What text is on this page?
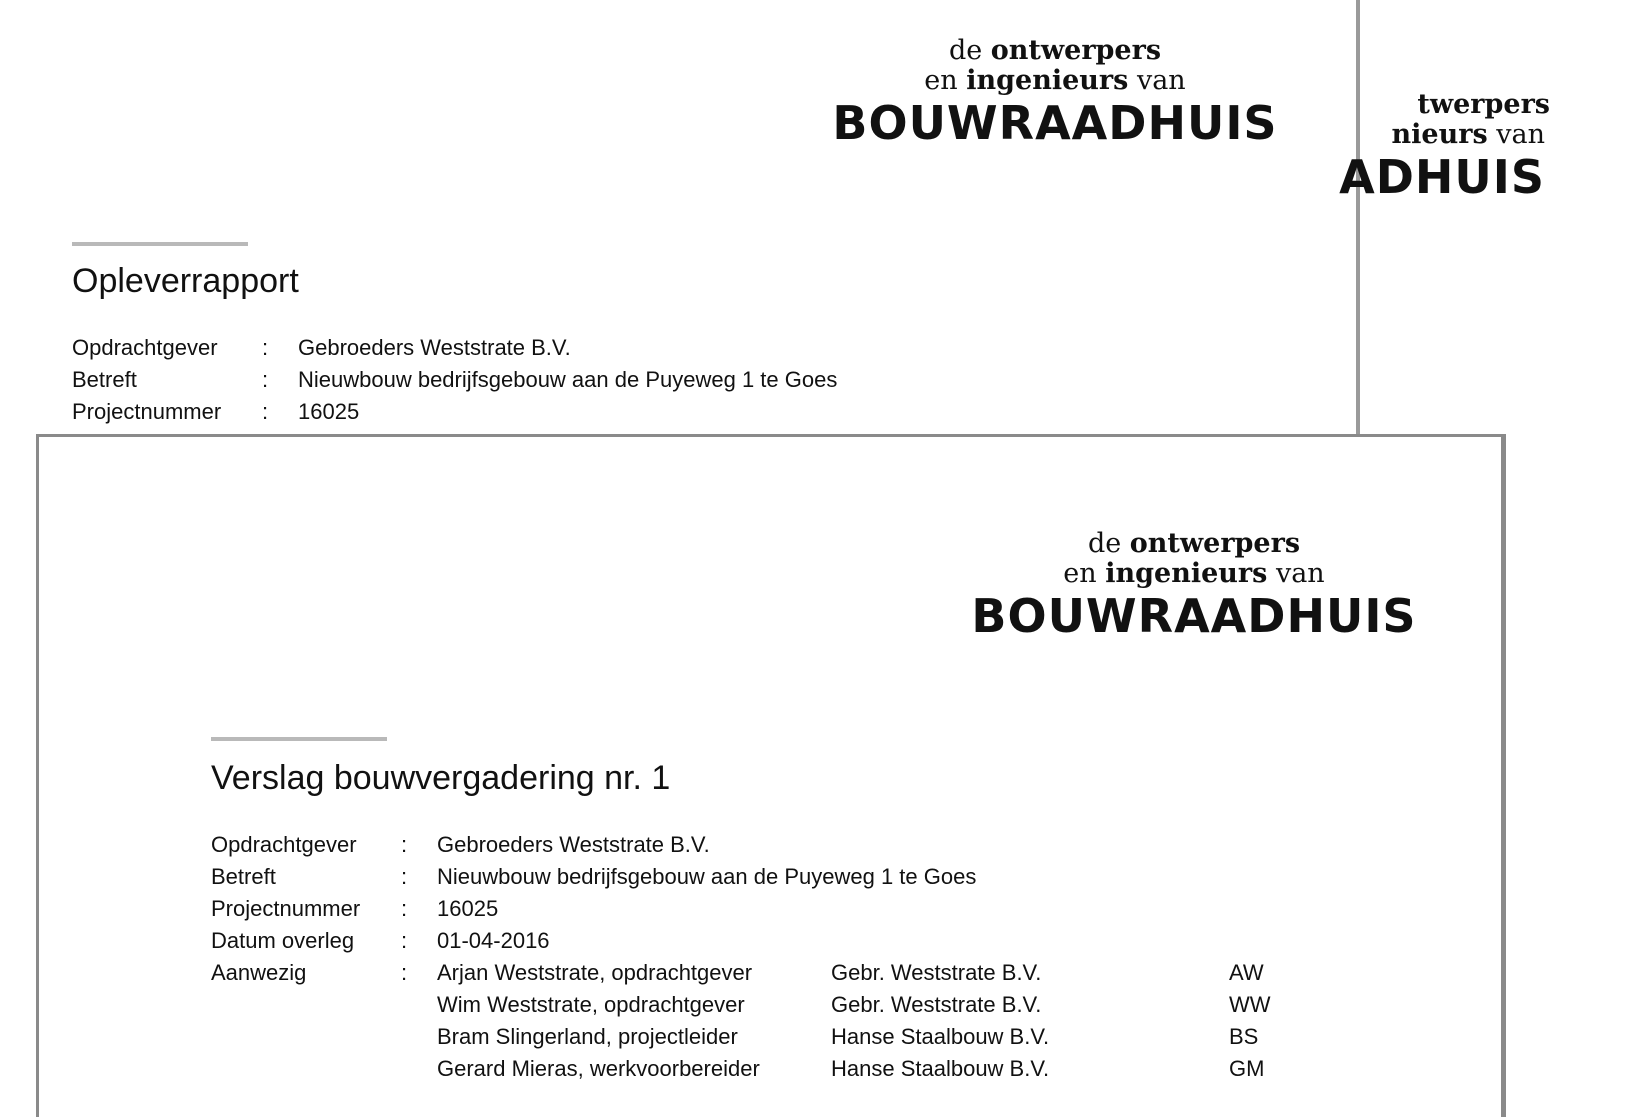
de ontwerpers
en ingenieurs van
BOUWRAADHUIS
Opleverrapport
Opdrachtgever	:	Gebroeders Weststrate B.V.
Betreft	:	Nieuwbouw bedrijfsgebouw aan de Puyeweg 1 te Goes
Projectnummer	:	16025
twerpers
nieurs van
ADHUIS
de ontwerpers
en ingenieurs van
BOUWRAADHUIS
Verslag bouwvergadering nr. 1
Opdrachtgever	:	Gebroeders Weststrate B.V.		
Betreft	:	Nieuwbouw bedrijfsgebouw aan de Puyeweg 1 te Goes		
Projectnummer	:	16025		
Datum overleg	:	01-04-2016		
Aanwezig	:	Arjan Weststrate, opdrachtgever	Gebr. Weststrate B.V.	AW
		Wim Weststrate, opdrachtgever	Gebr. Weststrate B.V.	WW
		Bram Slingerland, projectleider	Hanse Staalbouw B.V.	BS
		Gerard Mieras, werkvoorbereider	Hanse Staalbouw B.V.	GM
